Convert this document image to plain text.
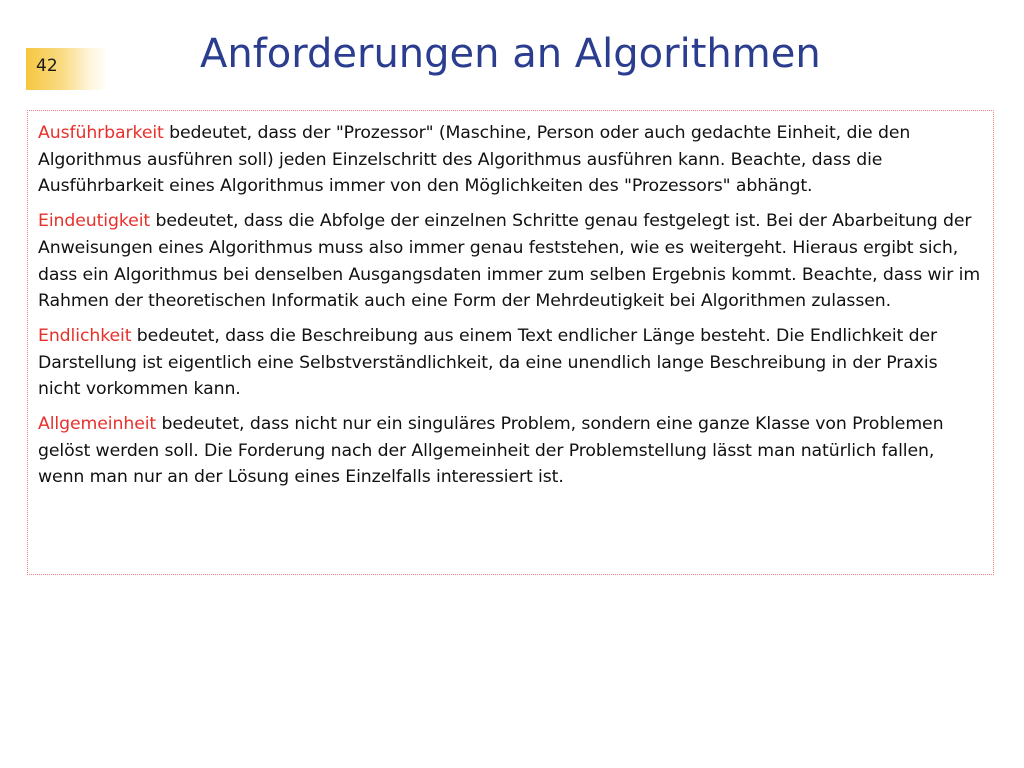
42	Anforderungen an Algorithmen

Ausführbarkeit bedeutet, dass der "Prozessor" (Maschine, Person oder auch gedachte Einheit, die den Algorithmus ausführen soll) jeden Einzelschritt des Algorithmus ausführen kann. Beachte, dass die Ausführbarkeit eines Algorithmus immer von den Möglichkeiten des "Prozessors" abhängt.

Eindeutigkeit bedeutet, dass die Abfolge der einzelnen Schritte genau festgelegt ist. Bei der Abarbeitung der Anweisungen eines Algorithmus muss also immer genau feststehen, wie es weitergeht. Hieraus ergibt sich, dass ein Algorithmus bei denselben Ausgangsdaten immer zum selben Ergebnis kommt. Beachte, dass wir im Rahmen der theoretischen Informatik auch eine Form der Mehrdeutigkeit bei Algorithmen zulassen.

Endlichkeit bedeutet, dass die Beschreibung aus einem Text endlicher Länge besteht. Die Endlichkeit der Darstellung ist eigentlich eine Selbstverständlichkeit, da eine unendlich lange Beschreibung in der Praxis nicht vorkommen kann.

Allgemeinheit bedeutet, dass nicht nur ein singuläres Problem, sondern eine ganze Klasse von Problemen gelöst werden soll. Die Forderung nach der Allgemeinheit der Problemstellung lässt man natürlich fallen, wenn man nur an der Lösung eines Einzelfalls interessiert ist.
